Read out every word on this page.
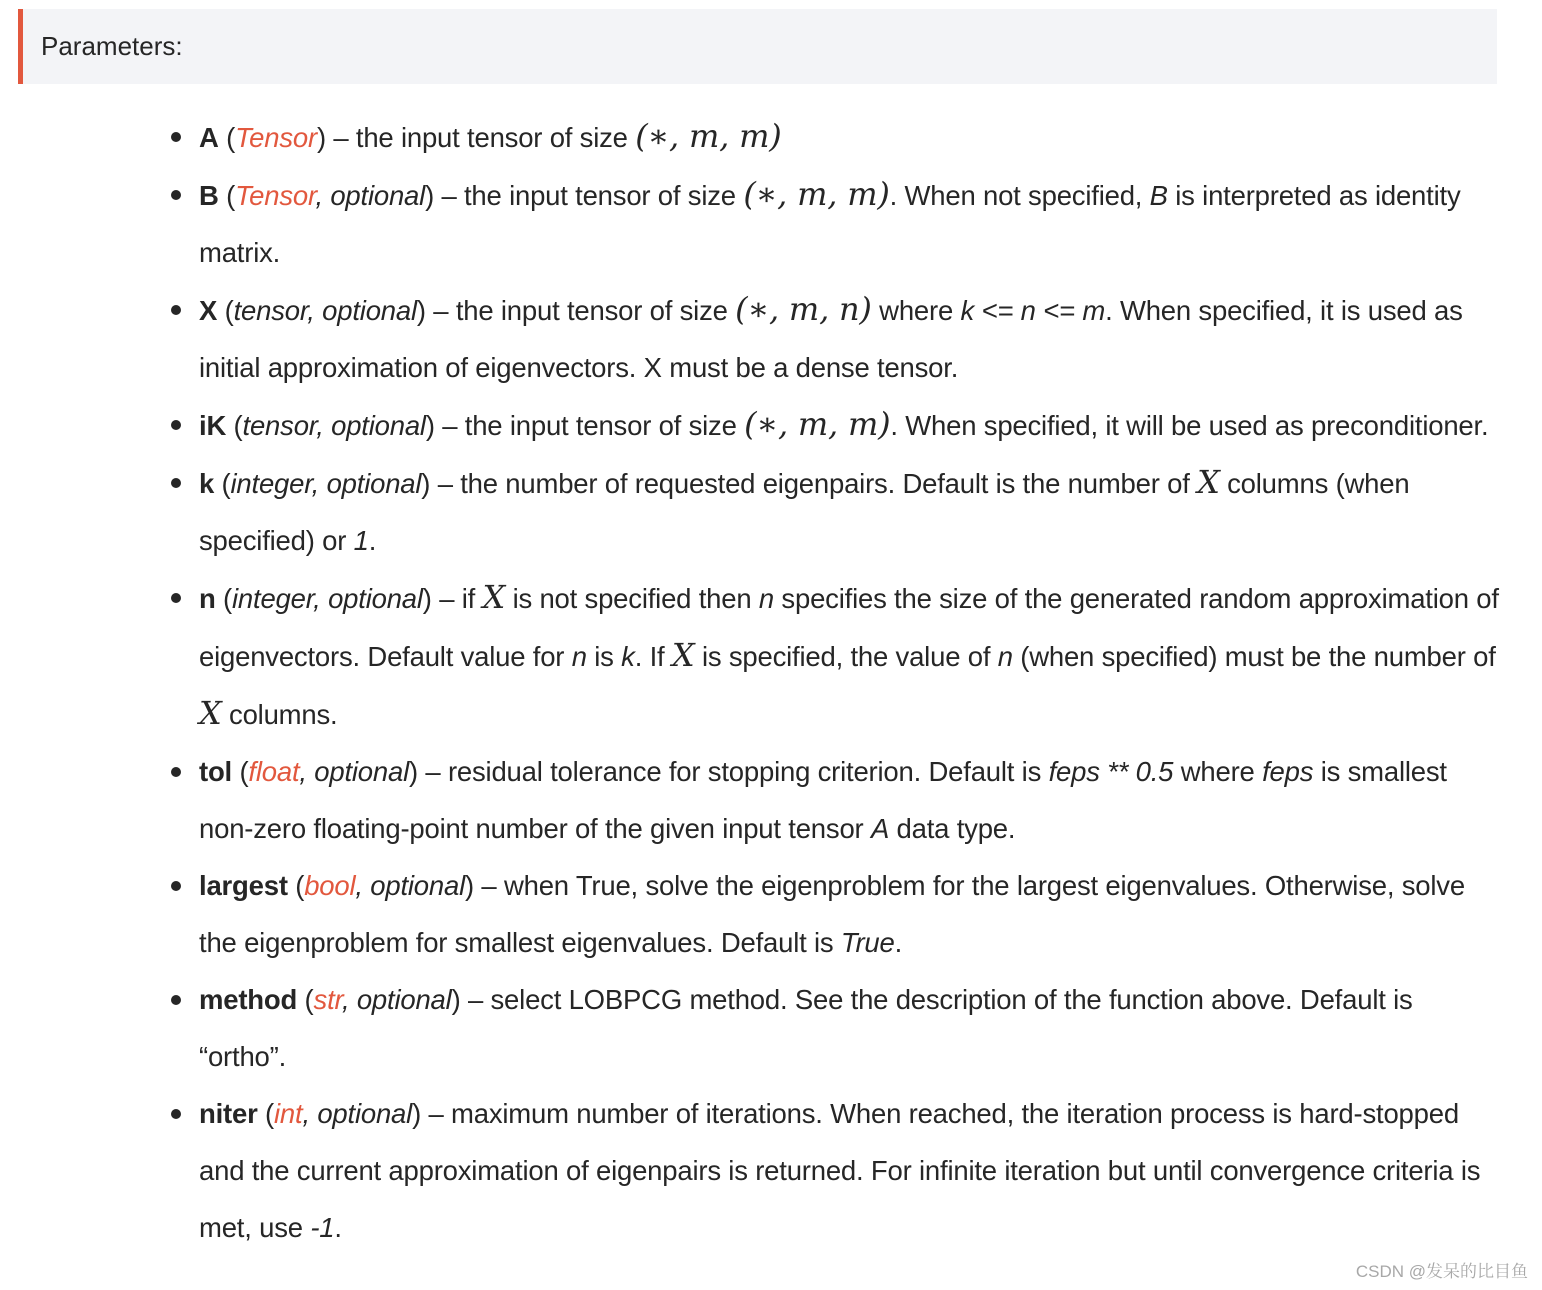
Parameters:
A (Tensor) – the input tensor of size (∗, m, m)
B (Tensor, optional) – the input tensor of size (∗, m, m). When not specified, B is interpreted as identity matrix.
X (tensor, optional) – the input tensor of size (∗, m, n) where k <= n <= m. When specified, it is used as initial approximation of eigenvectors. X must be a dense tensor.
iK (tensor, optional) – the input tensor of size (∗, m, m). When specified, it will be used as preconditioner.
k (integer, optional) – the number of requested eigenpairs. Default is the number of X columns (when specified) or 1.
n (integer, optional) – if X is not specified then n specifies the size of the generated random approximation of eigenvectors. Default value for n is k. If X is specified, the value of n (when specified) must be the number of X columns.
tol (float, optional) – residual tolerance for stopping criterion. Default is feps ** 0.5 where feps is smallest non-zero floating-point number of the given input tensor A data type.
largest (bool, optional) – when True, solve the eigenproblem for the largest eigenvalues. Otherwise, solve the eigenproblem for smallest eigenvalues. Default is True.
method (str, optional) – select LOBPCG method. See the description of the function above. Default is “ortho”.
niter (int, optional) – maximum number of iterations. When reached, the iteration process is hard-stopped and the current approximation of eigenpairs is returned. For infinite iteration but until convergence criteria is met, use -1.
CSDN @发呆的比目鱼
